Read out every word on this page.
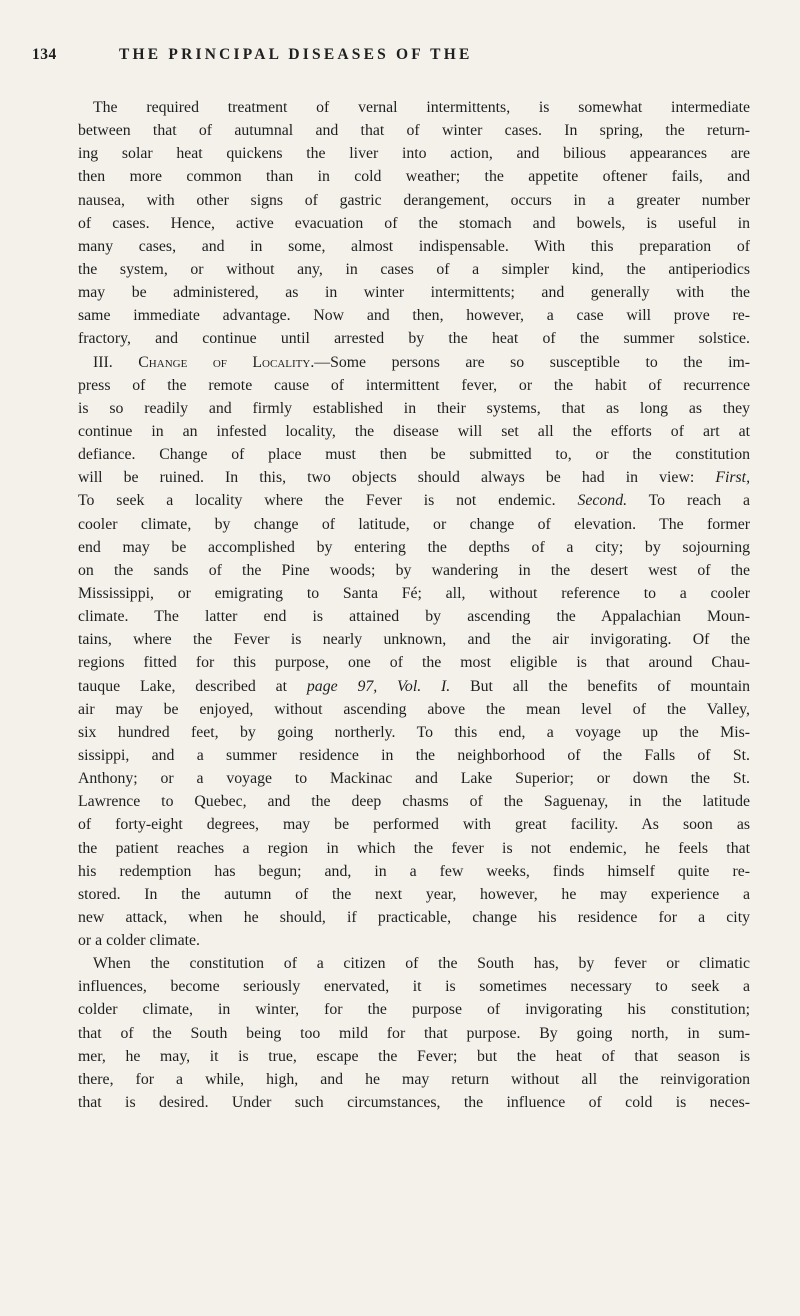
134	THE PRINCIPAL DISEASES OF THE
The required treatment of vernal intermittents, is somewhat intermediate
between that of autumnal and that of winter cases. In spring, the return-
ing solar heat quickens the liver into action, and bilious appearances are
then more common than in cold weather; the appetite oftener fails, and
nausea, with other signs of gastric derangement, occurs in a greater number
of cases. Hence, active evacuation of the stomach and bowels, is useful in
many cases, and in some, almost indispensable. With this preparation of
the system, or without any, in cases of a simpler kind, the antiperiodics
may be administered, as in winter intermittents; and generally with the
same immediate advantage. Now and then, however, a case will prove re-
fractory, and continue until arrested by the heat of the summer solstice.
III. Change of Locality.—Some persons are so susceptible to the im-
press of the remote cause of intermittent fever, or the habit of recurrence
is so readily and firmly established in their systems, that as long as they
continue in an infested locality, the disease will set all the efforts of art at
defiance. Change of place must then be submitted to, or the constitution
will be ruined. In this, two objects should always be had in view: First,
To seek a locality where the Fever is not endemic. Second. To reach a
cooler climate, by change of latitude, or change of elevation. The former
end may be accomplished by entering the depths of a city; by sojourning
on the sands of the Pine woods; by wandering in the desert west of the
Mississippi, or emigrating to Santa Fé; all, without reference to a cooler
climate. The latter end is attained by ascending the Appalachian Moun-
tains, where the Fever is nearly unknown, and the air invigorating. Of the
regions fitted for this purpose, one of the most eligible is that around Chau-
tauque Lake, described at page 97, Vol. I. But all the benefits of mountain
air may be enjoyed, without ascending above the mean level of the Valley,
six hundred feet, by going northerly. To this end, a voyage up the Mis-
sissippi, and a summer residence in the neighborhood of the Falls of St.
Anthony; or a voyage to Mackinac and Lake Superior; or down the St.
Lawrence to Quebec, and the deep chasms of the Saguenay, in the latitude
of forty-eight degrees, may be performed with great facility. As soon as
the patient reaches a region in which the fever is not endemic, he feels that
his redemption has begun; and, in a few weeks, finds himself quite re-
stored. In the autumn of the next year, however, he may experience a
new attack, when he should, if practicable, change his residence for a city
or a colder climate.
When the constitution of a citizen of the South has, by fever or climatic
influences, become seriously enervated, it is sometimes necessary to seek a
colder climate, in winter, for the purpose of invigorating his constitution;
that of the South being too mild for that purpose. By going north, in sum-
mer, he may, it is true, escape the Fever; but the heat of that season is
there, for a while, high, and he may return without all the reinvigoration
that is desired. Under such circumstances, the influence of cold is neces-
